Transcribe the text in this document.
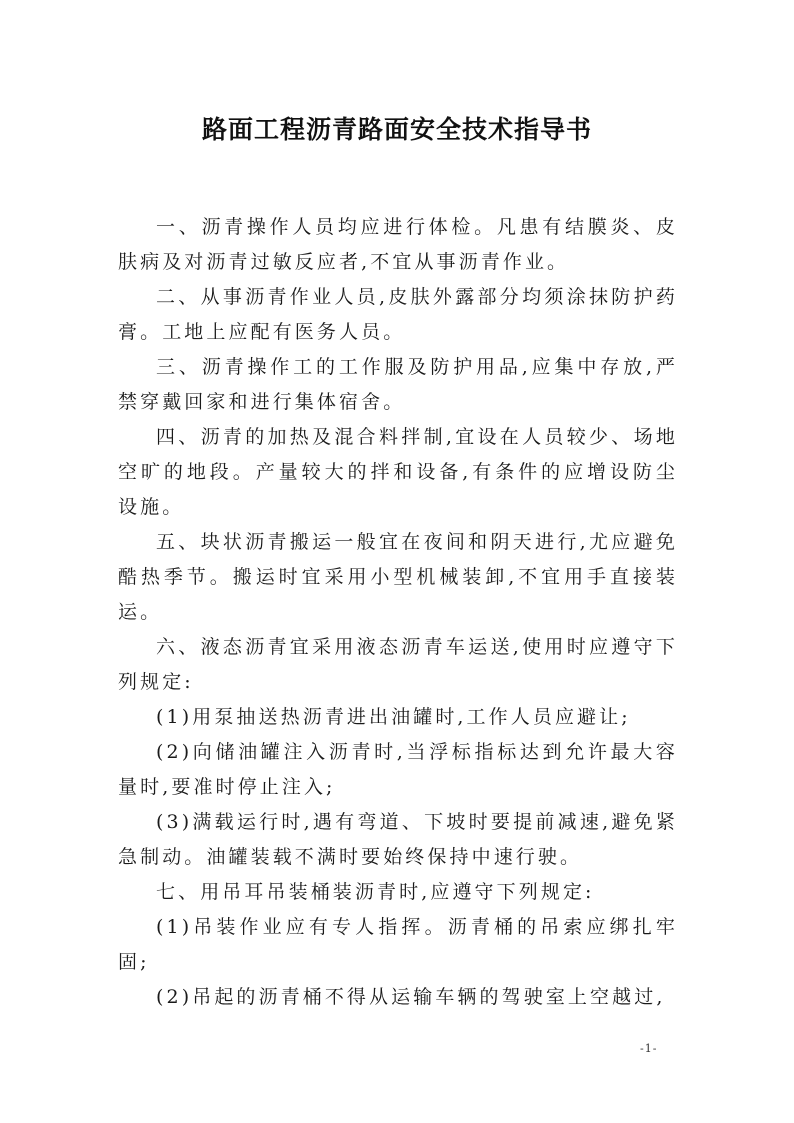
路面工程沥青路面安全技术指导书

一、沥青操作人员均应进行体检。凡患有结膜炎、皮肤病及对沥青过敏反应者,不宜从事沥青作业。

二、从事沥青作业人员,皮肤外露部分均须涂抹防护药膏。工地上应配有医务人员。

三、沥青操作工的工作服及防护用品,应集中存放,严禁穿戴回家和进行集体宿舍。

四、沥青的加热及混合料拌制,宜设在人员较少、场地空旷的地段。产量较大的拌和设备,有条件的应增设防尘设施。

五、块状沥青搬运一般宜在夜间和阴天进行,尤应避免酷热季节。搬运时宜采用小型机械装卸,不宜用手直接装运。

六、液态沥青宜采用液态沥青车运送,使用时应遵守下列规定:

(1)用泵抽送热沥青进出油罐时,工作人员应避让;

(2)向储油罐注入沥青时,当浮标指标达到允许最大容量时,要准时停止注入;

(3)满载运行时,遇有弯道、下坡时要提前减速,避免紧急制动。油罐装载不满时要始终保持中速行驶。

七、用吊耳吊装桶装沥青时,应遵守下列规定:

(1)吊装作业应有专人指挥。沥青桶的吊索应绑扎牢固;

(2)吊起的沥青桶不得从运输车辆的驾驶室上空越过,

-1-
